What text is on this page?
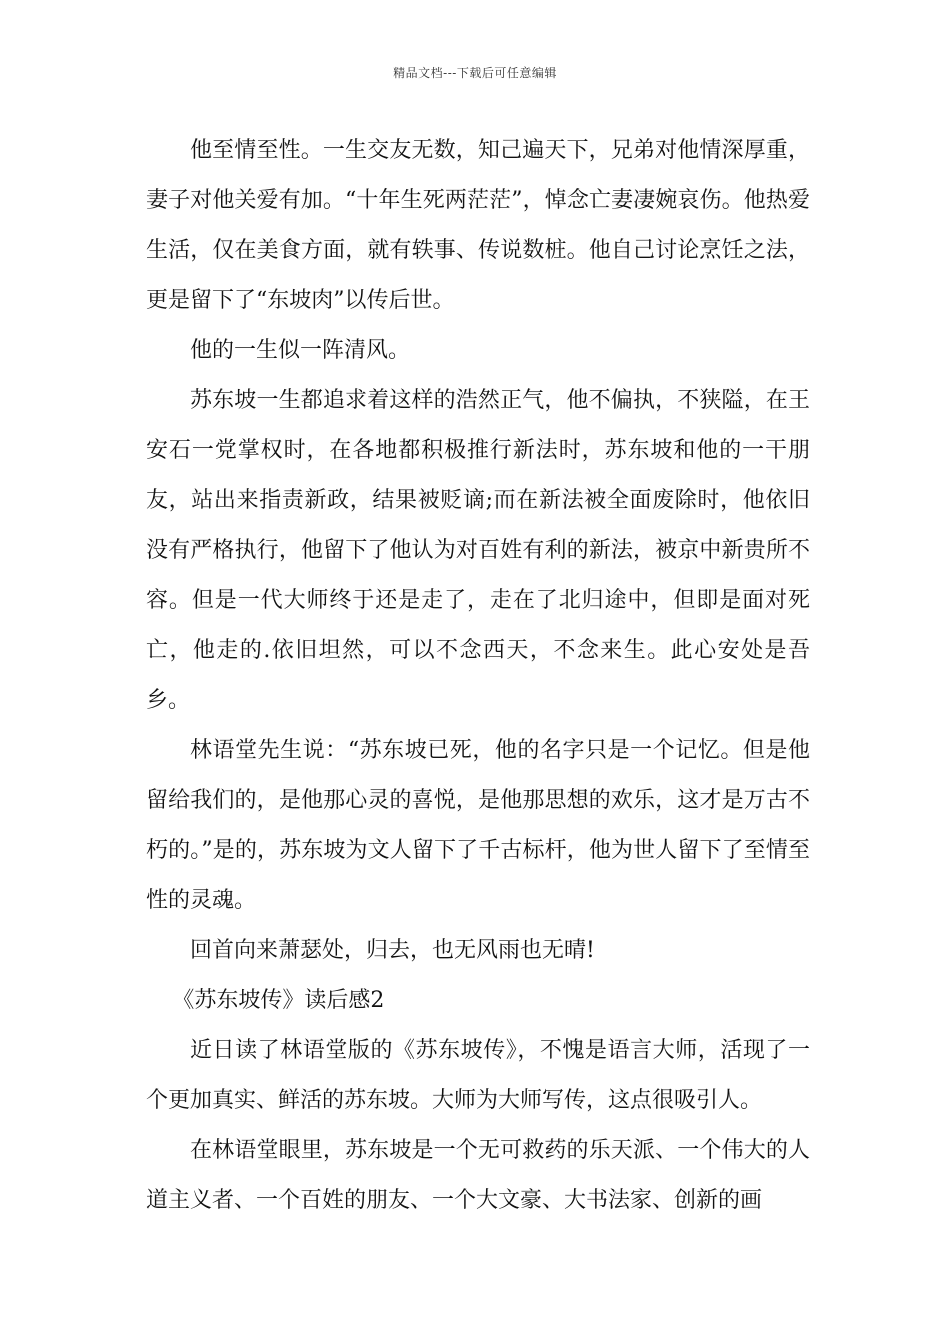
精品文档---下载后可任意编辑

他至情至性。一生交友无数，知己遍天下，兄弟对他情深厚重，妻子对他关爱有加。“十年生死两茫茫”，悼念亡妻凄婉哀伤。他热爱生活，仅在美食方面，就有轶事、传说数桩。他自己讨论烹饪之法，更是留下了“东坡肉”以传后世。

他的一生似一阵清风。

苏东坡一生都追求着这样的浩然正气，他不偏执，不狭隘，在王安石一党掌权时，在各地都积极推行新法时，苏东坡和他的一干朋友，站出来指责新政，结果被贬谪;而在新法被全面废除时，他依旧没有严格执行，他留下了他认为对百姓有利的新法，被京中新贵所不容。但是一代大师终于还是走了，走在了北归途中，但即是面对死亡，他走的.依旧坦然，可以不念西天，不念来生。此心安处是吾乡。

林语堂先生说：“苏东坡已死，他的名字只是一个记忆。但是他留给我们的，是他那心灵的喜悦，是他那思想的欢乐，这才是万古不朽的。”是的，苏东坡为文人留下了千古标杆，他为世人留下了至情至性的灵魂。

回首向来萧瑟处，归去，也无风雨也无晴!

《苏东坡传》读后感2

近日读了林语堂版的《苏东坡传》，不愧是语言大师，活现了一个更加真实、鲜活的苏东坡。大师为大师写传，这点很吸引人。

在林语堂眼里，苏东坡是一个无可救药的乐天派、一个伟大的人道主义者、一个百姓的朋友、一个大文豪、大书法家、创新的画
